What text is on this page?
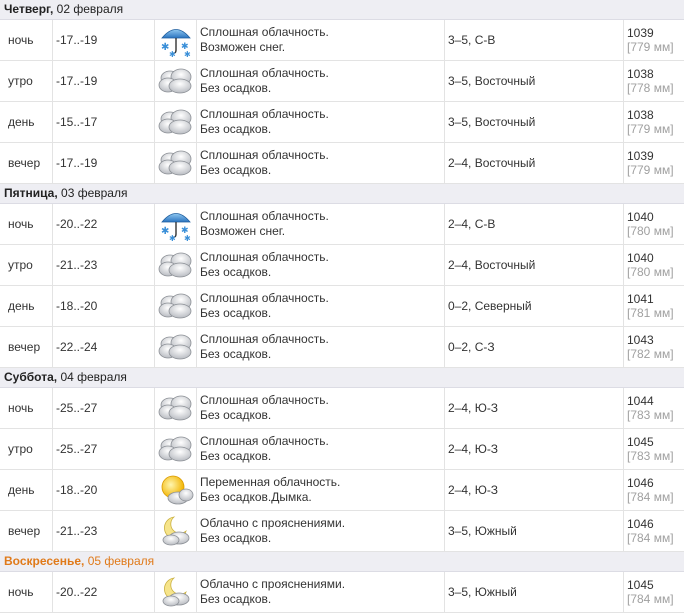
Четверг, 02 февраля
ночь	-17..-19
✱ ✱
✱ ✱
Сплошная облачность.
Возможен снег.	3–5, С-В	1039
[779 мм]
утро	-17..-19
Сплошная облачность.
Без осадков.	3–5, Восточный	1038
[778 мм]
день	-15..-17
Сплошная облачность.
Без осадков.	3–5, Восточный	1038
[779 мм]
вечер	-17..-19
Сплошная облачность.
Без осадков.	2–4, Восточный	1039
[779 мм]
Пятница, 03 февраля
ночь	-20..-22
✱ ✱
✱ ✱
Сплошная облачность.
Возможен снег.	2–4, С-В	1040
[780 мм]
утро	-21..-23
Сплошная облачность.
Без осадков.	2–4, Восточный	1040
[780 мм]
день	-18..-20
Сплошная облачность.
Без осадков.	0–2, Северный	1041
[781 мм]
вечер	-22..-24
Сплошная облачность.
Без осадков.	0–2, С-З	1043
[782 мм]
Суббота, 04 февраля
ночь	-25..-27
Сплошная облачность.
Без осадков.	2–4, Ю-З	1044
[783 мм]
утро	-25..-27
Сплошная облачность.
Без осадков.	2–4, Ю-З	1045
[783 мм]
день	-18..-20
Переменная облачность.
Без осадков.Дымка.	2–4, Ю-З	1046
[784 мм]
вечер	-21..-23
Облачно с прояснениями.
Без осадков.	3–5, Южный	1046
[784 мм]
Воскресенье, 05 февраля
ночь	-20..-22
Облачно с прояснениями.
Без осадков.	3–5, Южный	1045
[784 мм]
